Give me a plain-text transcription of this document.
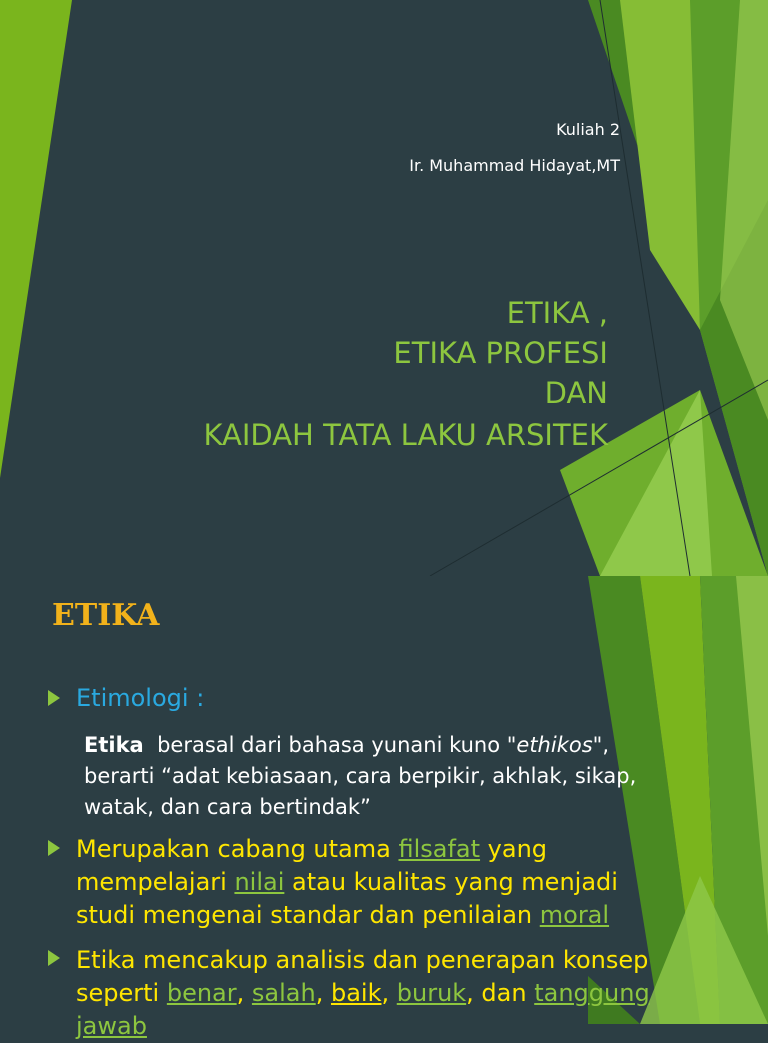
Kuliah 2
Ir. Muhammad Hidayat,MT
ETIKA ,
ETIKA PROFESI
DAN
KAIDAH TATA LAKU ARSITEK
ETIKA
Etimologi :
Etika berasal dari bahasa yunani kuno "ethikos", berarti “adat kebiasaan, cara berpikir, akhlak, sikap, watak, dan cara bertindak”
Merupakan cabang utama filsafat yang mempelajari nilai atau kualitas yang menjadi studi mengenai standar dan penilaian moral
Etika mencakup analisis dan penerapan konsep seperti benar, salah, baik, buruk, dan tanggung jawab
